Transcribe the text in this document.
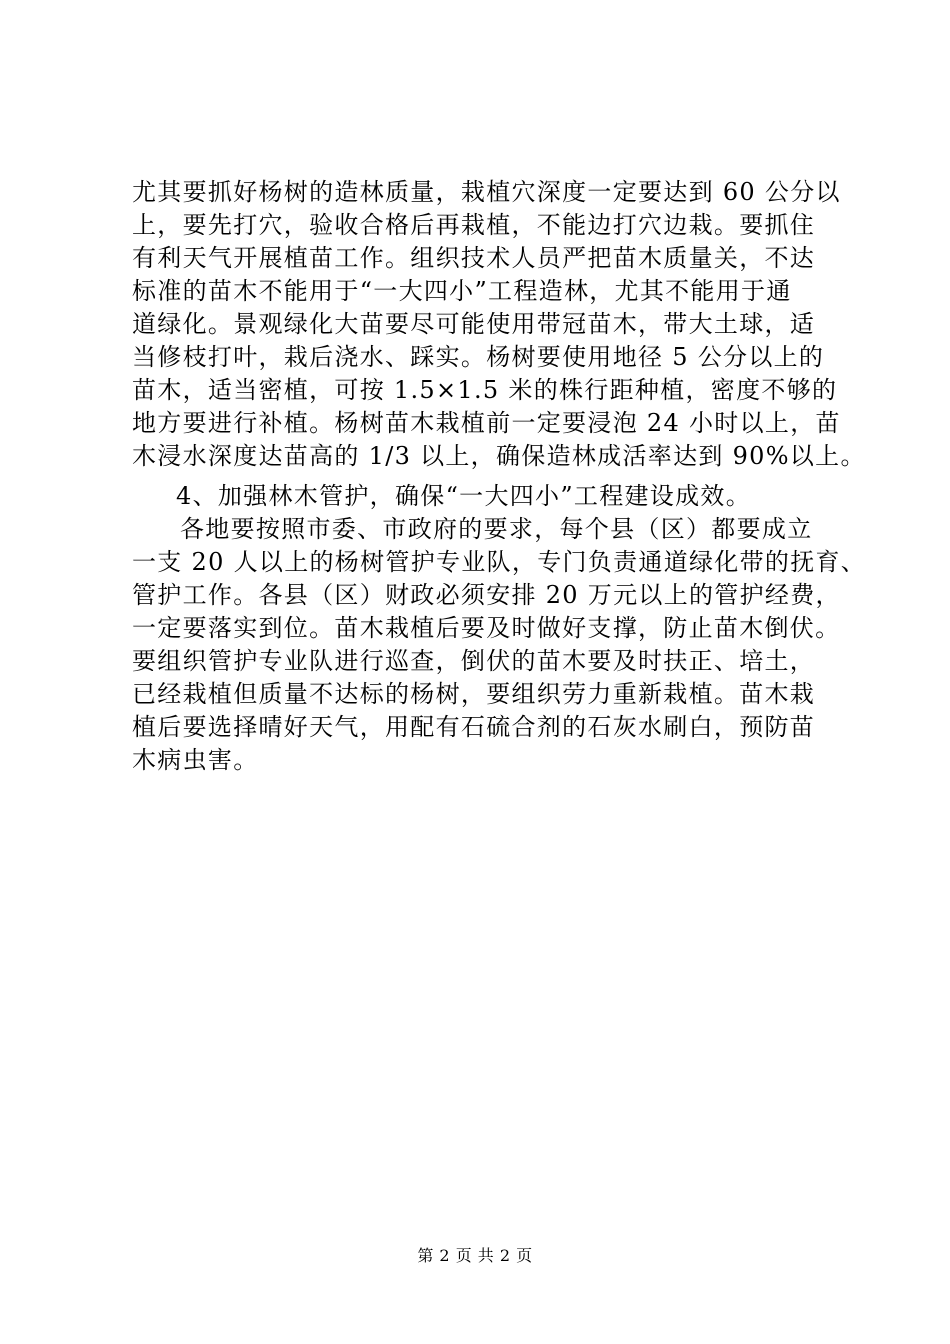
尤其要抓好杨树的造林质量，栽植穴深度一定要达到 60 公分以
上，要先打穴，验收合格后再栽植，不能边打穴边栽。要抓住
有利天气开展植苗工作。组织技术人员严把苗木质量关，不达
标准的苗木不能用于“一大四小”工程造林，尤其不能用于通
道绿化。景观绿化大苗要尽可能使用带冠苗木，带大土球，适
当修枝打叶，栽后浇水、踩实。杨树要使用地径 5 公分以上的
苗木，适当密植，可按 1.5×1.5 米的株行距种植，密度不够的
地方要进行补植。杨树苗木栽植前一定要浸泡 24 小时以上，苗
木浸水深度达苗高的 1/3 以上，确保造林成活率达到 90%以上。
4、加强林木管护，确保“一大四小”工程建设成效。
各地要按照市委、市政府的要求，每个县（区）都要成立
一支 20 人以上的杨树管护专业队，专门负责通道绿化带的抚育、
管护工作。各县（区）财政必须安排 20 万元以上的管护经费，
一定要落实到位。苗木栽植后要及时做好支撑，防止苗木倒伏。
要组织管护专业队进行巡查，倒伏的苗木要及时扶正、培土，
已经栽植但质量不达标的杨树，要组织劳力重新栽植。苗木栽
植后要选择晴好天气，用配有石硫合剂的石灰水刷白，预防苗
木病虫害。
第 2 页 共 2 页
